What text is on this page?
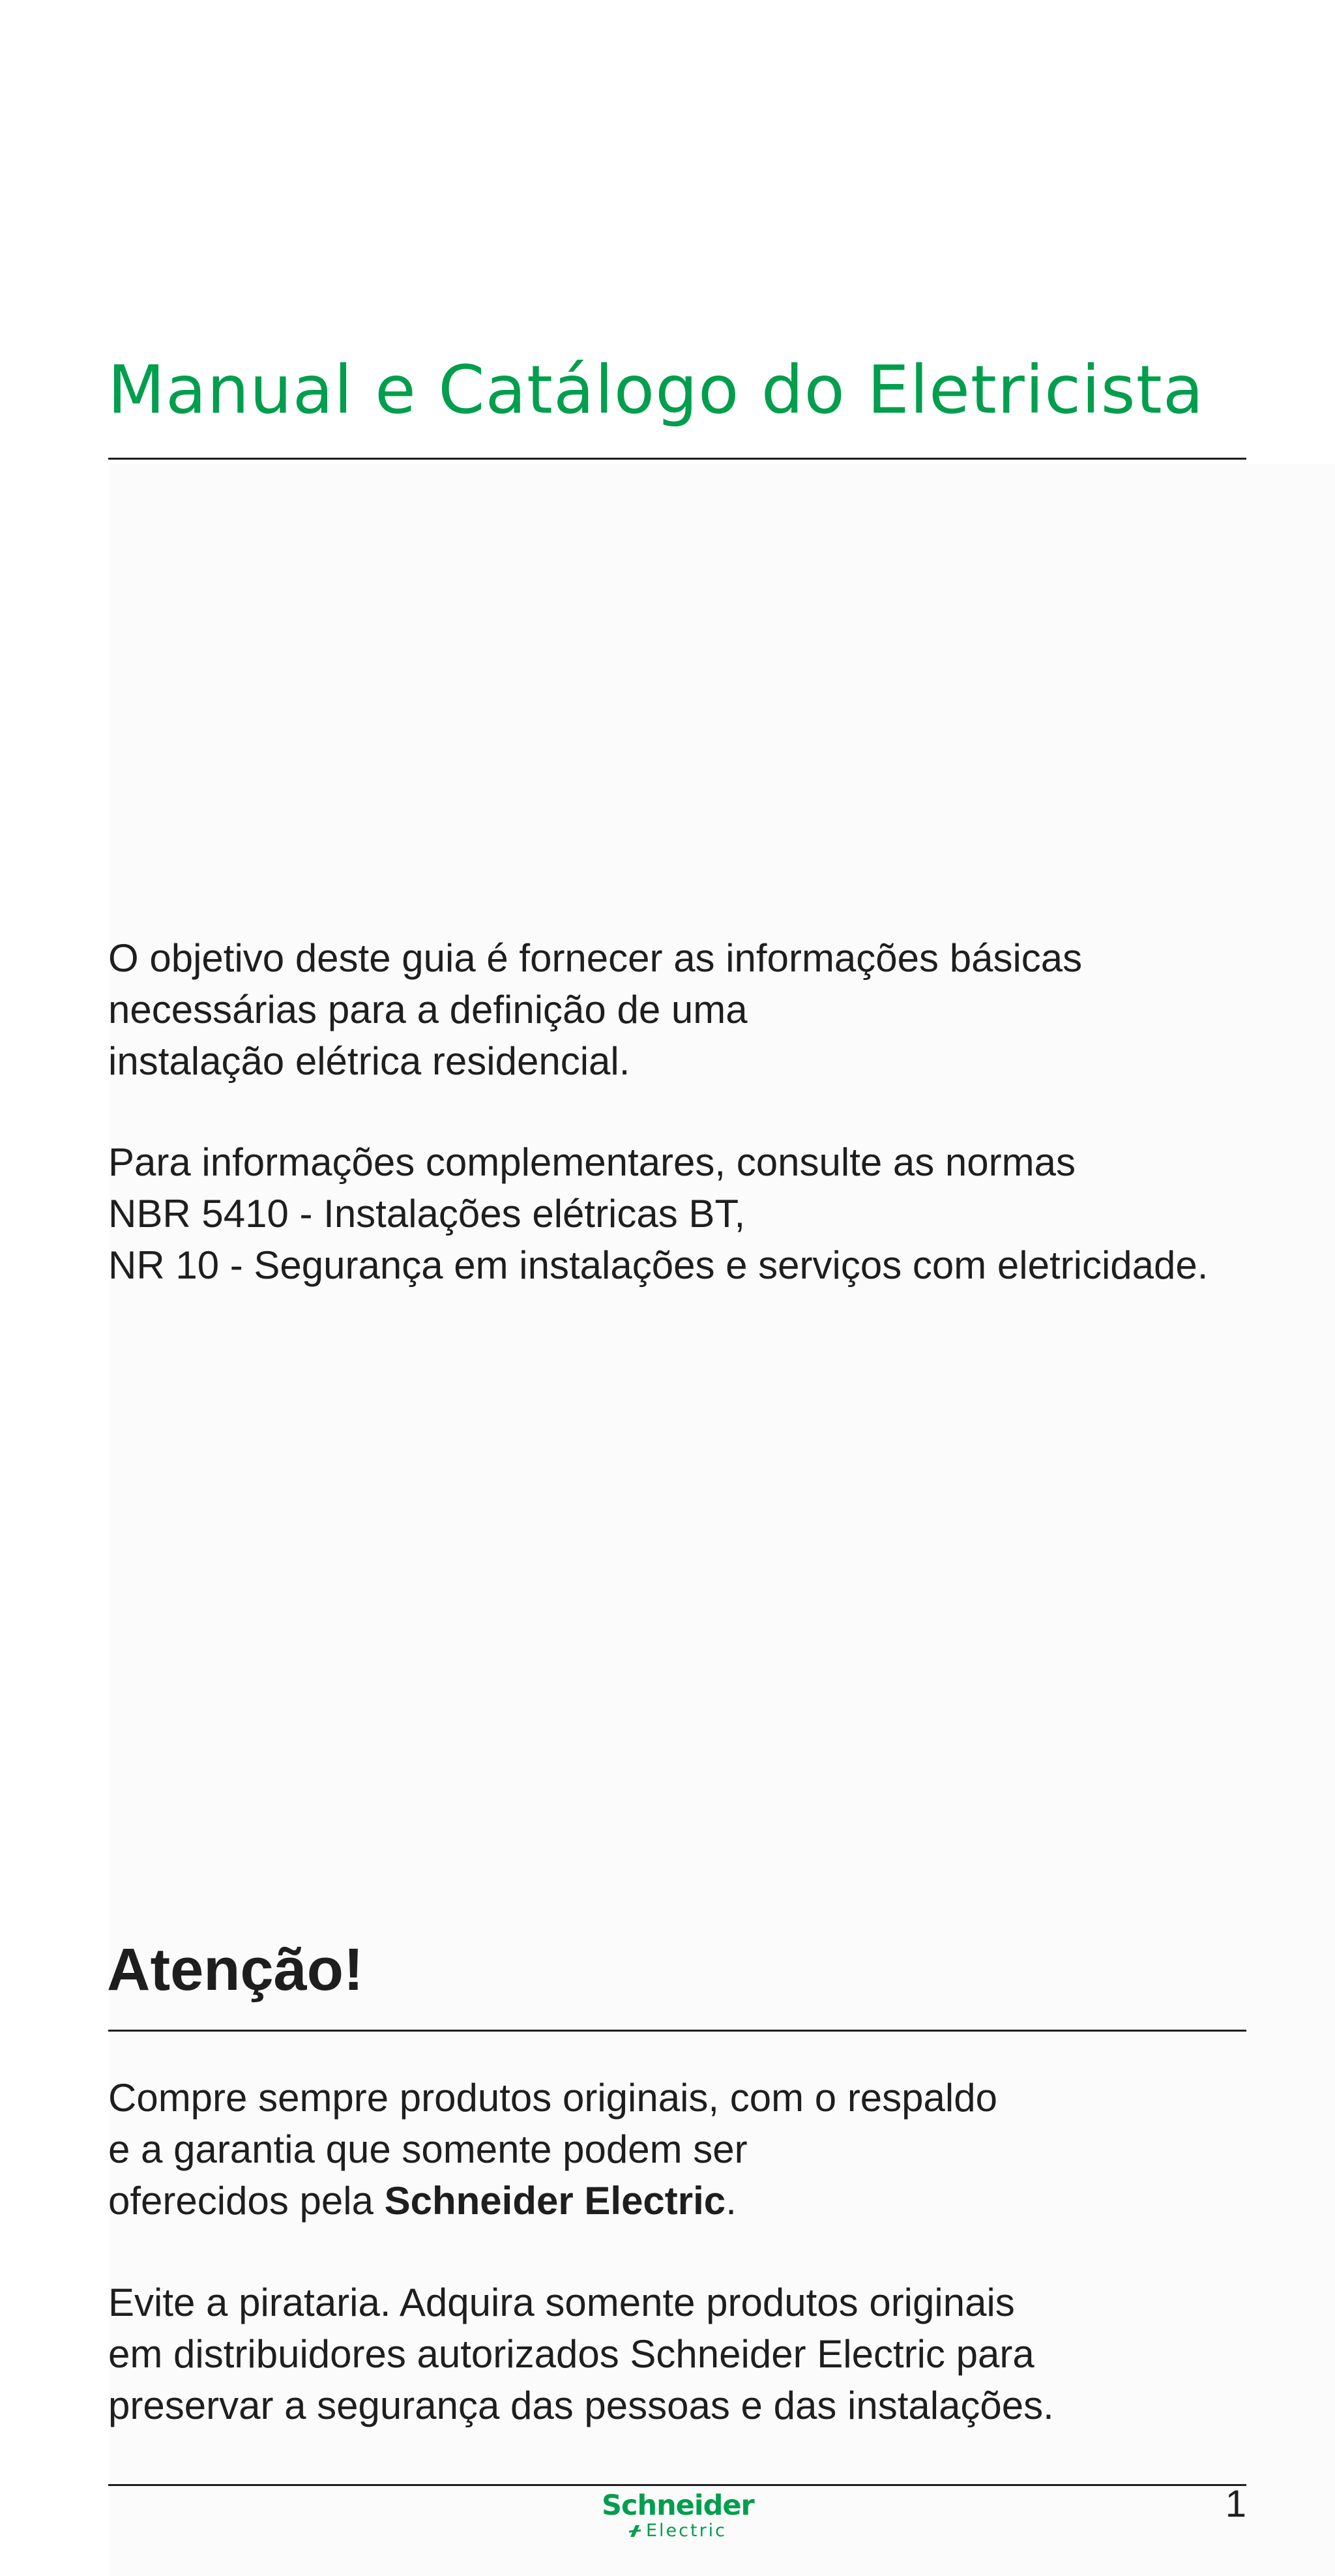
Manual e Catálogo do Eletricista

O objetivo deste guia é fornecer as informações básicas
necessárias para a definição de uma
instalação elétrica residencial.

Para informações complementares, consulte as normas
NBR 5410 - Instalações elétricas BT,
NR 10 - Segurança em instalações e serviços com eletricidade.

Atenção!

Compre sempre produtos originais, com o respaldo
e a garantia que somente podem ser
oferecidos pela Schneider Electric.

Evite a pirataria. Adquira somente produtos originais
em distribuidores autorizados Schneider Electric para
preservar a segurança das pessoas e das instalações.

Schneider
Electric
1
